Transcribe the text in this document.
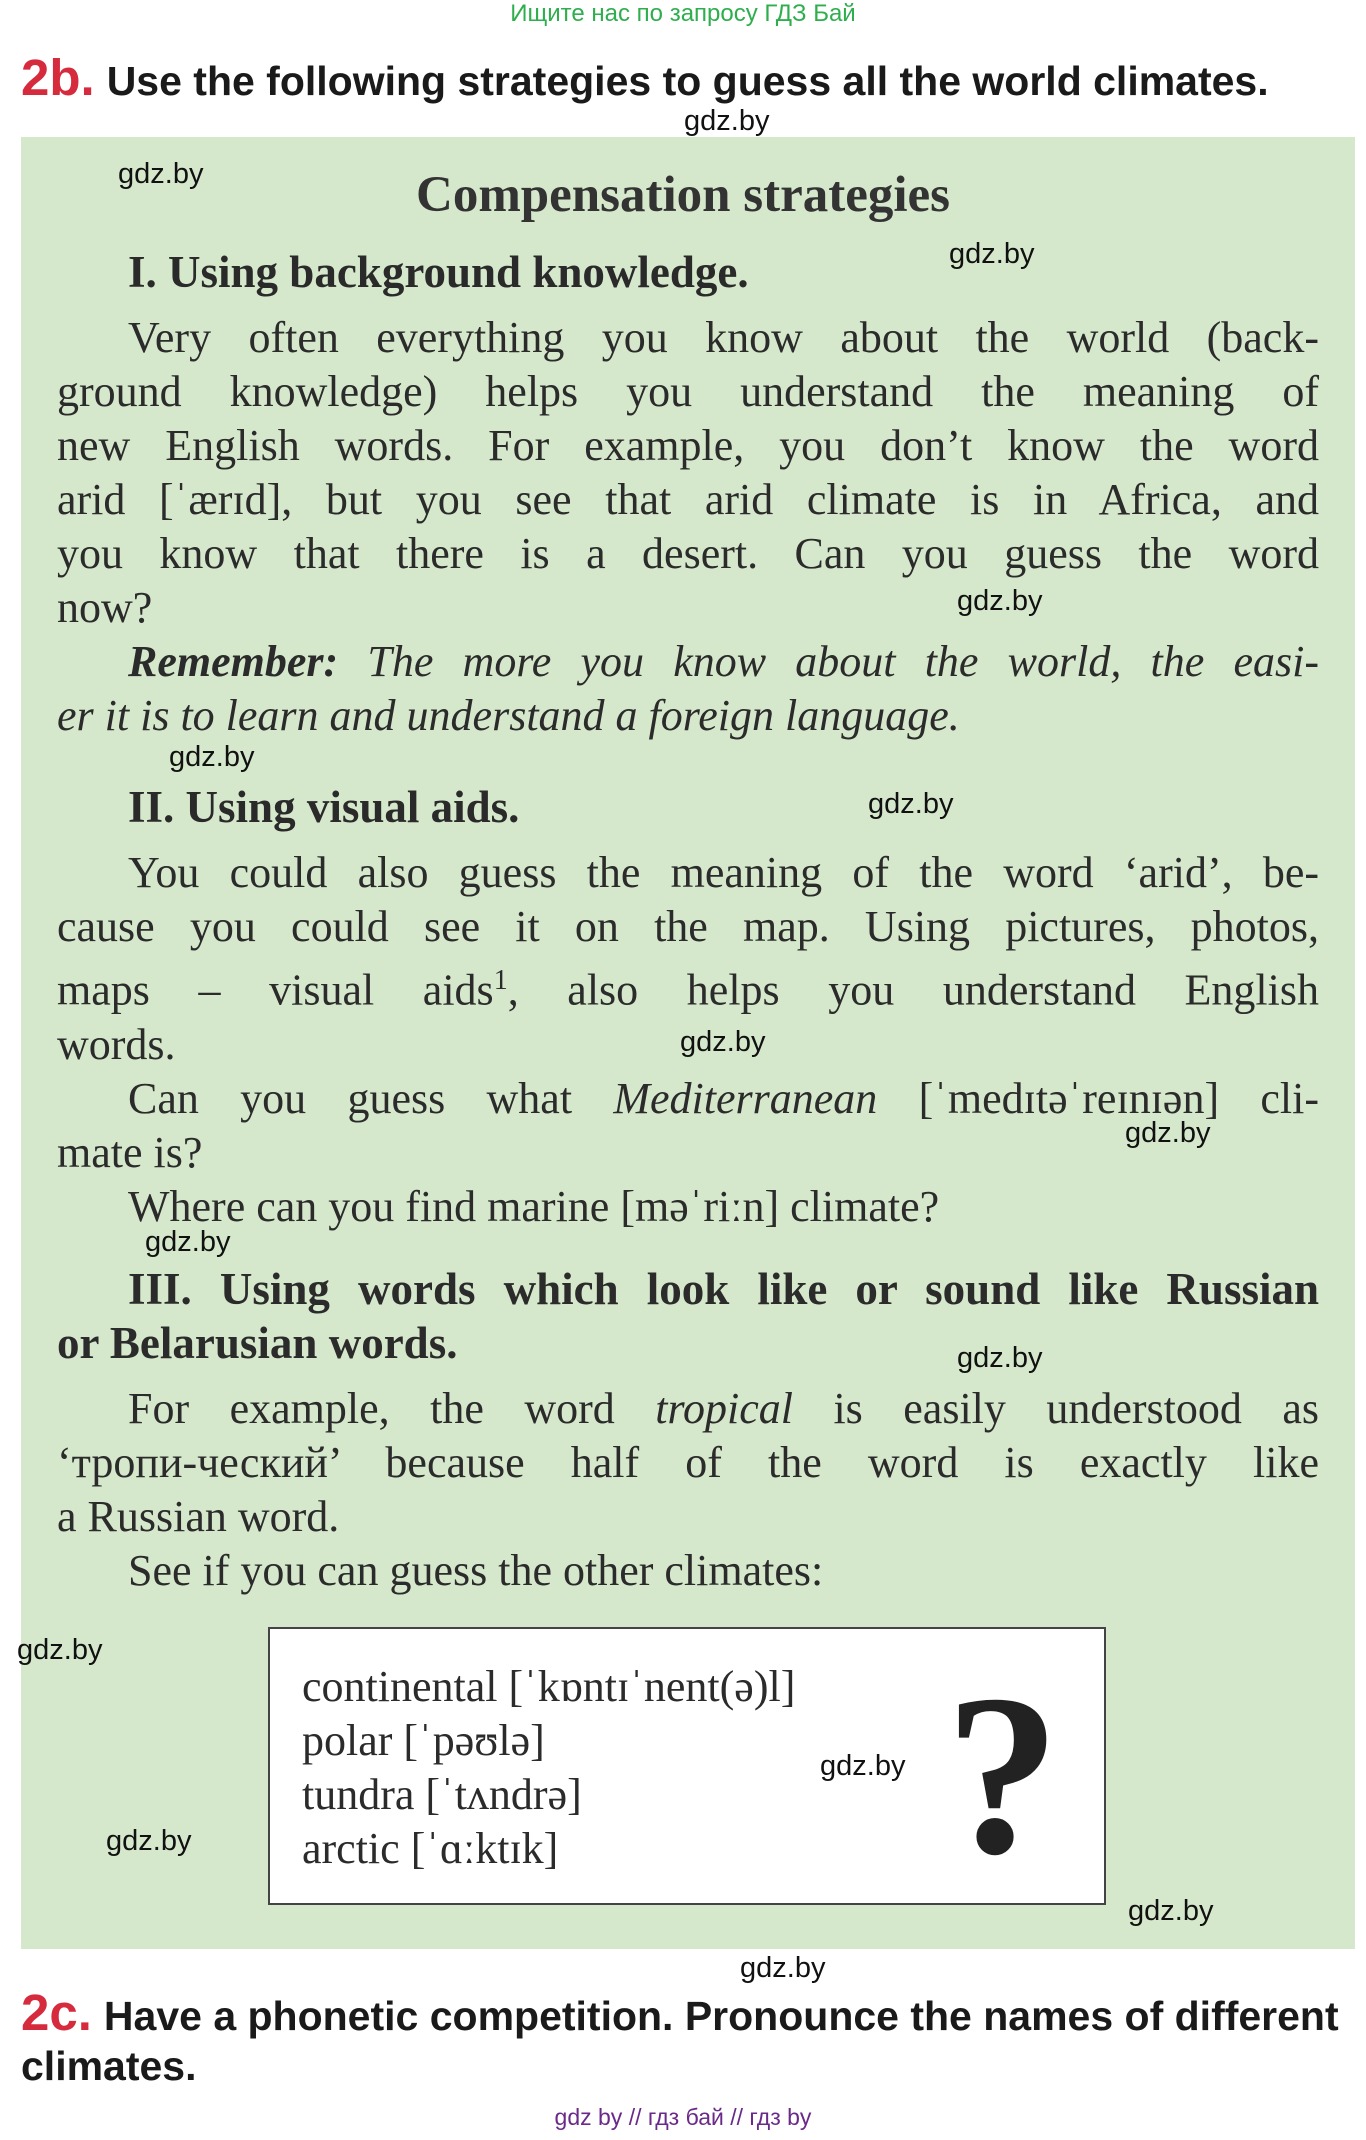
Ищите нас по запросу ГДЗ Бай
2b. Use the following strategies to guess all the world climates.
Compensation strategies
I. Using background knowledge.
Very often everything you know about the world (back-
ground knowledge) helps you understand the meaning of
new English words. For example, you don’t know the word
arid [ˈærɪd], but you see that arid climate is in Africa, and
you know that there is a desert. Can you guess the word
now?
Remember: The more you know about the world, the easi-
er it is to learn and understand a foreign language.
II. Using visual aids.
You could also guess the meaning of the word ‘arid’, be-
cause you could see it on the map. Using pictures, photos,
maps – visual aids$^1$, also helps you understand English
words.
Can you guess what Mediterranean [ˈmedɪtəˈreɪnɪən] cli-
mate is?
Where can you find marine [məˈriːn] climate?
III. Using words which look like or sound like Russian
or Belarusian words.
For example, the word tropical is easily understood as
‘тропи-ческий’ because half of the word is exactly like
a Russian word.
See if you can guess the other climates:
continental [ˈkɒntɪˈnent(ə)l]
polar [ˈpəʊlə]
tundra [ˈtʌndrə]
arctic [ˈɑːktɪk]	?
2c. Have a phonetic competition. Pronounce the names of different
climates.
gdz.by
gdz.by
gdz.by
gdz.by
gdz.by
gdz.by
gdz.by
gdz.by
gdz.by
gdz.by
gdz.by
gdz.by
gdz.by
gdz.by
gdz.by
gdz by // гдз бай // гдз by
